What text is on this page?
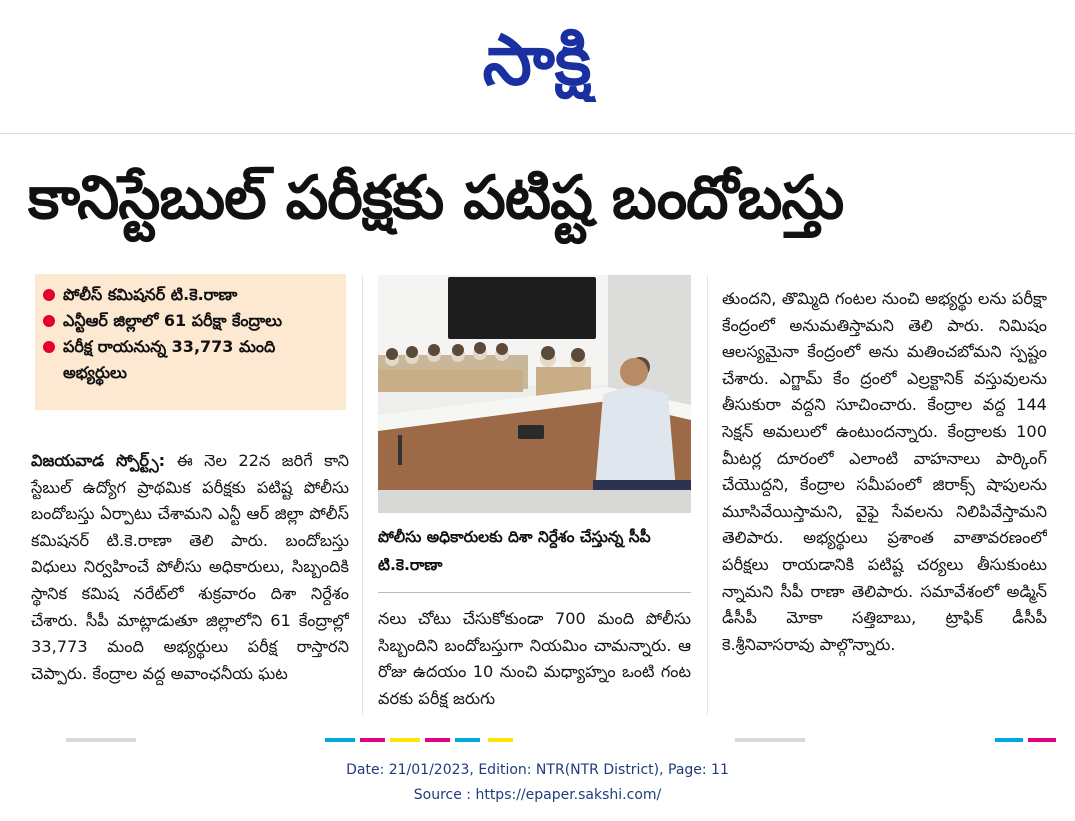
సాక్షి
కానిస్టేబుల్ పరీక్షకు పటిష్ట బందోబస్తు
పోలీస్ కమిషనర్ టి.కె.రాణా
ఎన్టీఆర్ జిల్లాలో 61 పరీక్షా కేంద్రాలు
పరీక్ష రాయనున్న 33,773 మంది అభ్యర్థులు
విజయవాడ స్పోర్ట్స్: ఈ నెల 22న జరిగే కాని స్టేబుల్ ఉద్యోగ ప్రాథమిక పరీక్షకు పటిష్ట పోలీసు బందోబస్తు ఏర్పాటు చేశామని ఎన్టీ ఆర్ జిల్లా పోలీస్ కమిషనర్ టి.కె.రాణా తెలి పారు. బందోబస్తు విధులు నిర్వహించే పోలీసు అధికారులు, సిబ్బందికి స్థానిక కమిష నరేట్‌లో శుక్రవారం దిశా నిర్దేశం చేశారు. సీపీ మాట్లాడుతూ జిల్లాలోని 61 కేంద్రాల్లో 33,773 మంది అభ్యర్థులు పరీక్ష రాస్తారని చెప్పారు. కేంద్రాల వద్ద అవాంఛనీయ ఘట
పోలీసు అధికారులకు దిశా నిర్దేశం చేస్తున్న సీపీ టి.కె.రాణా
నలు చోటు చేసుకోకుండా 700 మంది పోలీసు సిబ్బందిని బందోబస్తుగా నియమిం చామన్నారు. ఆ రోజు ఉదయం 10 నుంచి మధ్యాహ్నం ఒంటి గంట వరకు పరీక్ష జరుగు
తుందని, తొమ్మిది గంటల నుంచి అభ్యర్థు లను పరీక్షా కేంద్రంలో అనుమతిస్తామని తెలి పారు. నిమిషం ఆలస్యమైనా కేంద్రంలో అను మతించబోమని స్పష్టం చేశారు. ఎగ్జామ్ కేం ద్రంలో ఎల్రక్టానిక్ వస్తువులను తీసుకురా వద్దని సూచించారు. కేంద్రాల వద్ద 144 సెక్షన్ అమలులో ఉంటుందన్నారు. కేంద్రాలకు 100 మీటర్ల దూరంలో ఎలాంటి వాహనాలు పార్కింగ్ చేయొద్దని, కేంద్రాల సమీపంలో జిరాక్స్ షాపులను మూసివేయిస్తామని, వైఫై సేవలను నిలిపివేస్తామని తెలిపారు. అభ్యర్థులు ప్రశాంత వాతావరణంలో పరీక్షలు రాయడానికి పటిష్ట చర్యలు తీసుకుంటు న్నామని సీపీ రాణా తెలిపారు. సమావేశంలో అడ్మిన్ డీసీపీ మోకా సత్తిబాబు, ట్రాఫిక్ డీసీపీ కె.శ్రీనివాసరావు పాల్గొన్నారు.
Date: 21/01/2023, Edition: NTR(NTR District), Page: 11
Source : https://epaper.sakshi.com/
